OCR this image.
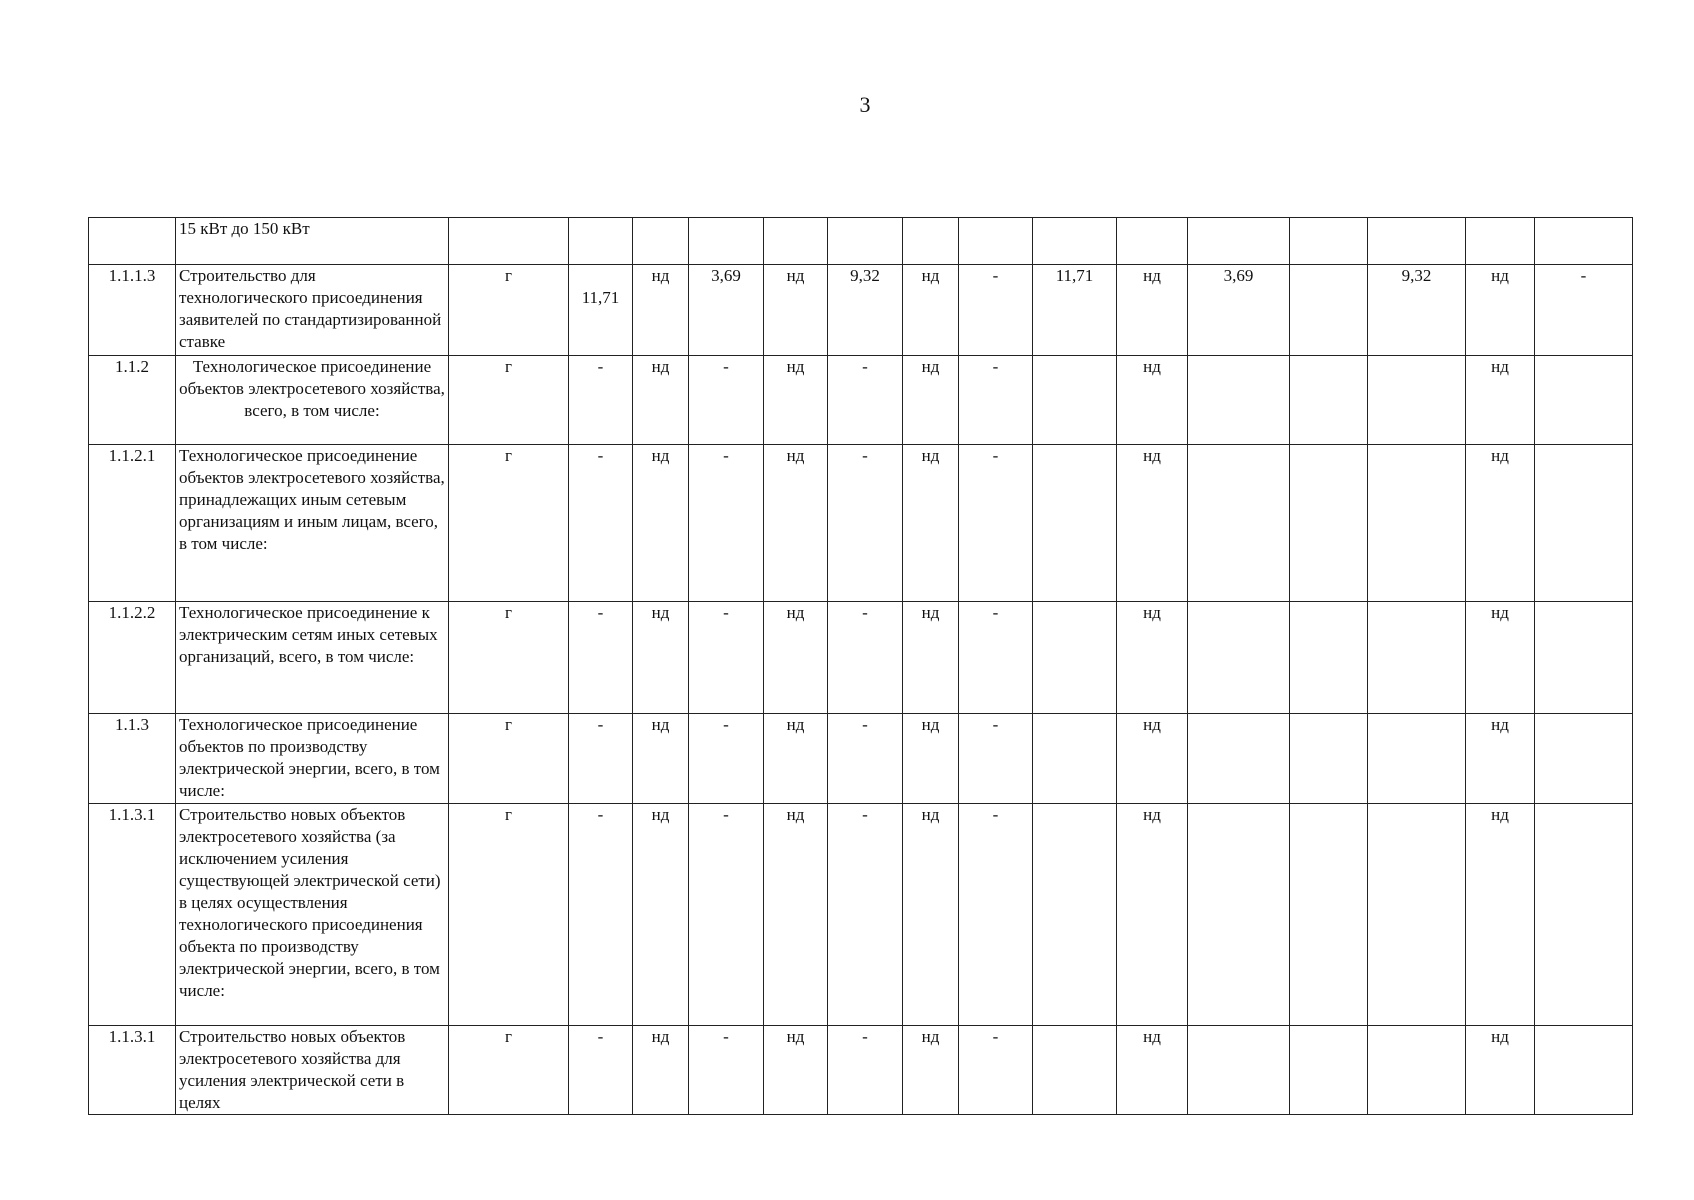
3
	15 кВт до 150 кВт															
1.1.1.3	Строительство для технологического присоединения заявителей по стандартизированной ставке	г	11,71	нд	3,69	нд	9,32	нд	-	11,71	нд	3,69		9,32	нд	-
1.1.2	Технологическое присоединение объектов электросетевого хозяйства, всего, в том числе:	г	-	нд	-	нд	-	нд	-		нд				нд	
1.1.2.1	Технологическое присоединение объектов электросетевого хозяйства, принадлежащих иным сетевым организациям и иным лицам, всего, в том числе:	г	-	нд	-	нд	-	нд	-		нд				нд	
1.1.2.2	Технологическое присоединение к электрическим сетям иных сетевых организаций, всего, в том числе:	г	-	нд	-	нд	-	нд	-		нд				нд	
1.1.3	Технологическое присоединение объектов по производству электрической энергии, всего, в том числе:	г	-	нд	-	нд	-	нд	-		нд				нд	
1.1.3.1	Строительство новых объектов электросетевого хозяйства (за исключением усиления существующей электрической сети) в целях осуществления технологического присоединения объекта по производству электрической энергии, всего, в том числе:	г	-	нд	-	нд	-	нд	-		нд				нд	
1.1.3.1	Строительство новых объектов электросетевого хозяйства для усиления электрической сети в целях	г	-	нд	-	нд	-	нд	-		нд				нд	
